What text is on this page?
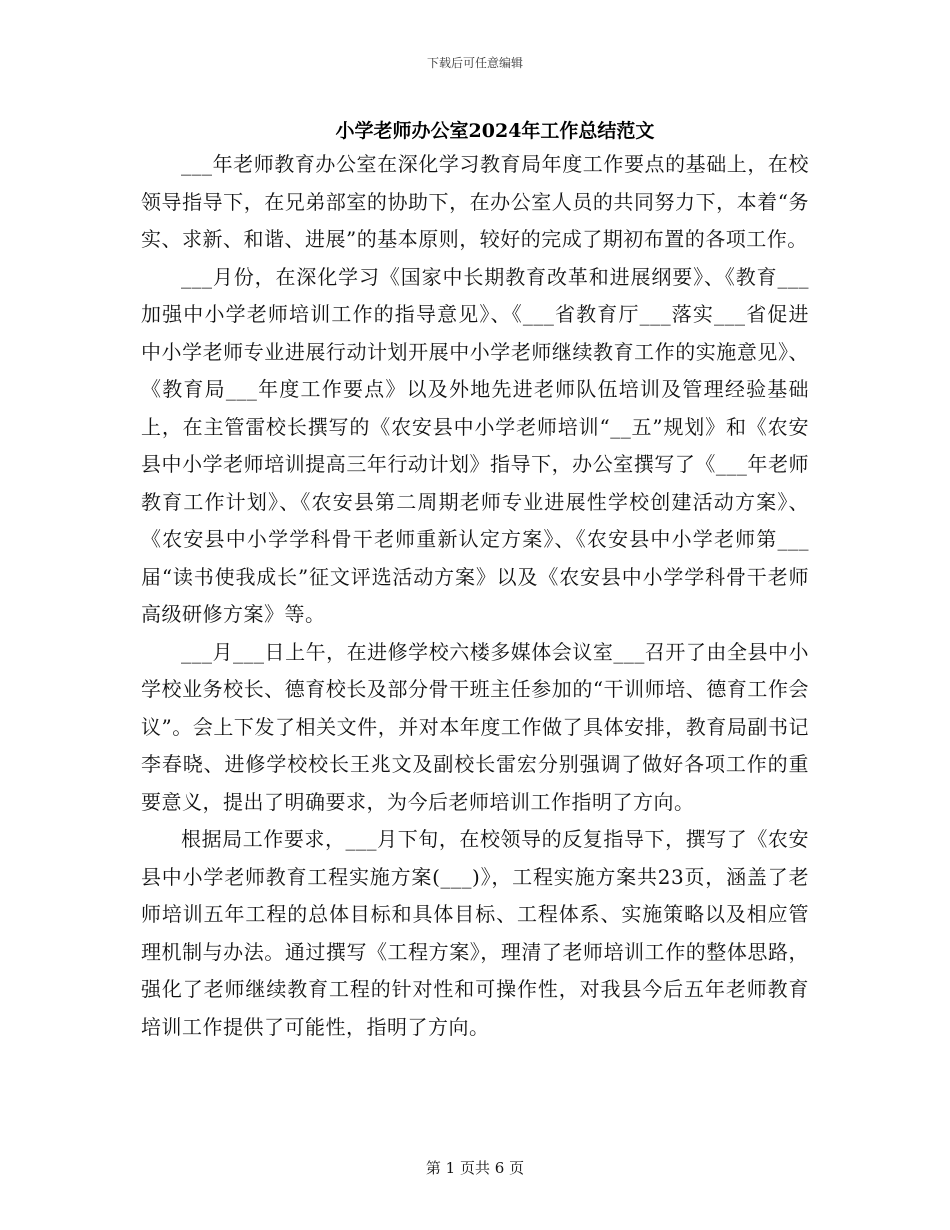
下载后可任意编辑
小学老师办公室2024年工作总结范文

___年老师教育办公室在深化学习教育局年度工作要点的基础上，在校领导指导下，在兄弟部室的协助下，在办公室人员的共同努力下，本着“务实、求新、和谐、进展”的基本原则，较好的完成了期初布置的各项工作。

___月份，在深化学习《国家中长期教育改革和进展纲要》、《教育___加强中小学老师培训工作的指导意见》、《___省教育厅___落实___省促进中小学老师专业进展行动计划开展中小学老师继续教育工作的实施意见》、《教育局___年度工作要点》以及外地先进老师队伍培训及管理经验基础上，在主管雷校长撰写的《农安县中小学老师培训“__五”规划》和《农安县中小学老师培训提高三年行动计划》指导下，办公室撰写了《___年老师教育工作计划》、《农安县第二周期老师专业进展性学校创建活动方案》、《农安县中小学学科骨干老师重新认定方案》、《农安县中小学老师第___届“读书使我成长”征文评选活动方案》以及《农安县中小学学科骨干老师高级研修方案》等。

___月___日上午，在进修学校六楼多媒体会议室___召开了由全县中小学校业务校长、德育校长及部分骨干班主任参加的“干训师培、德育工作会议”。会上下发了相关文件，并对本年度工作做了具体安排，教育局副书记李春晓、进修学校校长王兆文及副校长雷宏分别强调了做好各项工作的重要意义，提出了明确要求，为今后老师培训工作指明了方向。

根据局工作要求，___月下旬，在校领导的反复指导下，撰写了《农安县中小学老师教育工程实施方案(___)》，工程实施方案共23页，涵盖了老师培训五年工程的总体目标和具体目标、工程体系、实施策略以及相应管理机制与办法。通过撰写《工程方案》，理清了老师培训工作的整体思路，强化了老师继续教育工程的针对性和可操作性，对我县今后五年老师教育培训工作提供了可能性，指明了方向。

第 1 页共 6 页
